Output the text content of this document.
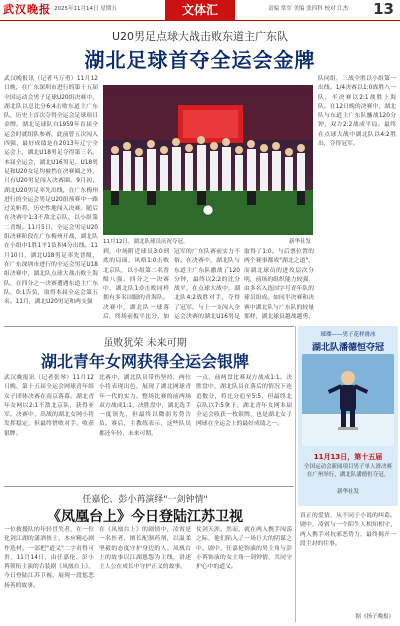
武汉晚报 2025年11月14日 星期五	文体汇	责编 常军 美编 张四科 校对 江杰 13
U20男足点球大战击败东道主广东队
湖北足球首夺全运会金牌
武汉晚报讯（记者马万勇）11月12日晚，在广东深圳市进行的第十五届全国运动会男子足球U20组决赛中，湖北队以总比分6:4击败东道主广东队，历史上首次夺得全运会足球项目金牌。湖北足球队自1959年首届全运会时就组队参赛，此前曾五次闯入四强，最好成绩是在2013年辽宁全运会上，湖北U18男足夺得第三名。本届全运会，湖北U16男足、U18男足和U20女足均被挡在决赛圈之外，只有U20男足闯入决赛圈。9月初，湖北U20男足率先出线，在广东梅州进行的全运会男足U20组预赛中一路过关斩将，历史性地闯入决赛。随后在决赛中1:3不敌北京队，以小组第二晋级。11月5日，全运会男足U20组决赛阶段在广东梅州开战，湖北队在小组中1胜1平1负积4分出线。11月10日，湖北U18男足率先晋级，在广东深圳市进行的全运会男足U18组决赛中，湖北队点球大战击败上海队，在四分之一决赛遭遇东道主广东队，0:1告负，取得本届全运会第五名。11月，湖北U20男足和两支强
11月12日，湖北队球员庆祝夺冠。	新华社发
队同组，三战全胜以小组第一出线。1/4决赛以1:0战胜八一队，半决赛以2:1战胜上海队。在12日晚的决赛中，湖北队与东道主广东队鏖战120分钟，双方2:2战成平局。最终在点球大战中湖北队以4:2胜出，夺得冠军。
到，中场附近球员3:0到底的局面，风格1:0击败北京队，以小组第二名晋级八强。四分之一决赛中，湖北队1:0击败同样拥有多名国脚的青海队。决赛中，湖北队一球落后，终场前扳平比分，加
冠军的广东队赛前实力不俗。在决赛中，湖北队与东道主广东队激战了120分钟，最终以2:2的比分战平。在点球大战中，湖北队4:2战胜对手，夺得了冠军。与上一支闯入全运会决赛的湖北U16男足
取得了1:0。与后票位置的两个赛事都成"湖北之道"，而湖北球员的进攻层次分明，前场的组织能力较强，由多名入选国字号青年队的球员组成。如同半决赛和决赛中湖北队与广东队的较量那样，湖北球员越战越勇，
虽败犹荣 未来可期
湖北青年女网获得全运会银牌
武汉晚报讯（记者张琴）11月12日晚，第十五届全运会网球青年组女子团体决赛在南京落幕。湖北青年女网以2:1不敌北京队，获得亚军。决赛中，出战的湖北女网小将发挥稳定，但最终惜败对手，收获银牌。
比赛中，湖北队员带伤坚持，两位小将表现出色，展现了湖北网球青年一代的实力。整场比赛的前两场双方战成1:1，决胜盘中，湖北选手一度领先，但最终以微弱劣势告负。赛后，主教练表示，这些队员都还年轻，未来可期。
一点，前两盘比赛双方战成1:1。决胜盘中，湖北队员在落后的情况下连追数分，将比分追至5:5，但最终北京队以7:5拿下。湖北青年女网本届全运会收获一枚银牌，也是湖北女子网球在全运会上的最好成绩之一。
任嘉伦、彭小苒演绎"一剑钟情"
《凤凰台上》今日登陆江苏卫视
一位救援队的年轻冒失者，在一位化剑江湖的潇洒侠士，本应精心剧作选材。一部把"道义"二字看得可贵，11月14日，由任嘉伦、彭小苒领衔主演的古装剧《凤凰台上》，今日登陆江苏卫视，展现一段惩恶扬善的故事。
在《凤凰台上》的剧情中，凌霄是一名医者，擅长配制药剂，以温柔坚毅的态度守护身边的人。凤凰台上的故事以江湖恩怨为主线，讲述主人公在成长中守护正义的故事。
仗剑天涯。然而，就在两人携手闯荡之际，他们陷入了一场巨大的阴谋之中。剧中，任嘉伦饰演的男主角与彭小苒饰演的女主角一剑钟情，共同守护心中的道义。
璀璨——男子花样滑冰
湖北队潘德恒夺冠
11月13日，第十五届
全国运动会新闻项目男子单人滑决赛在广州举行，湖北队潘德恒夺冠。
新华社发
真正的爱情，从不同于小说的纠葛。剧中，凌霄与一个陌生人相知相守，两人携手对抗邪恶势力，最终揭开一段尘封的往事。
据《扬子晚报》
